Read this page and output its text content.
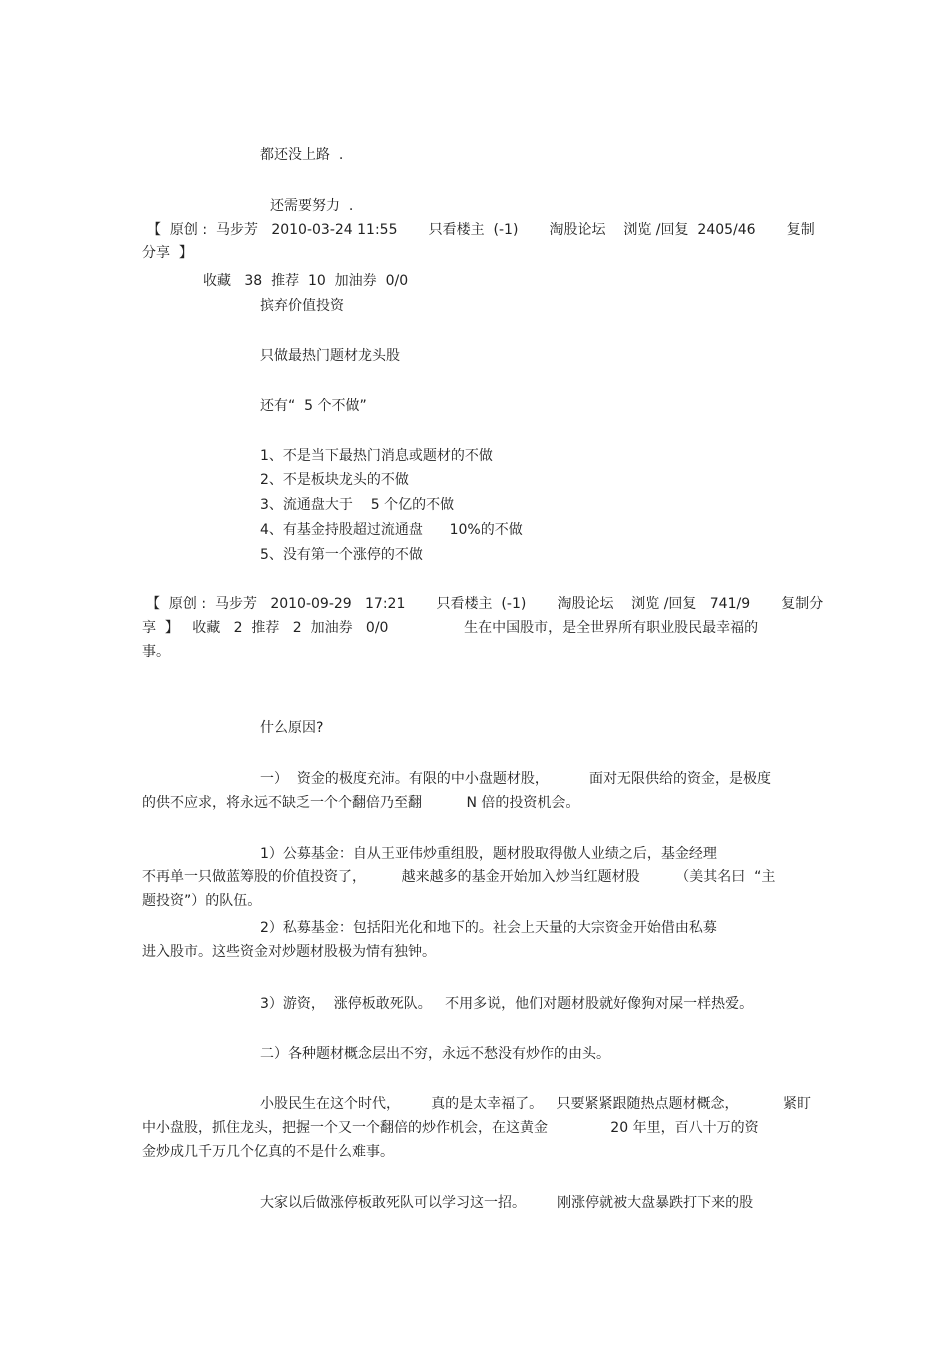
都还没上路  .
还需要努力  .
【  原创 :  马步芳   2010-03-24 11:55       只看楼主  (-1)       淘股论坛    浏览 /回复  2405/46       复制
分享  】
收藏   38  推荐  10  加油券  0/0
摈弃价值投资
只做最热门题材龙头股
还有“  5 个不做”
1、不是当下最热门消息或题材的不做
2、不是板块龙头的不做
3、流通盘大于    5 个亿的不做
4、有基金持股超过流通盘      10%的不做
5、没有第一个涨停的不做
【  原创 :  马步芳   2010-09-29   17:21       只看楼主  (-1)       淘股论坛    浏览 /回复   741/9       复制分
享  】   收藏   2  推荐   2  加油券   0/0                 生在中国股市，是全世界所有职业股民最幸福的
事。
什么原因?
一）  资金的极度充沛。有限的中小盘题材股，         面对无限供给的资金，是极度
的供不应求，将永远不缺乏一个个翻倍乃至翻          N 倍的投资机会。
1）公募基金：自从王亚伟炒重组股，题材股取得傲人业绩之后，基金经理
不再单一只做蓝筹股的价值投资了，        越来越多的基金开始加入炒当红题材股        （美其名曰  “主
题投资”）的队伍。
2）私募基金：包括阳光化和地下的。社会上天量的大宗资金开始借由私募
进入股市。这些资金对炒题材股极为情有独钟。
3）游资，  涨停板敢死队。   不用多说，他们对题材股就好像狗对屎一样热爱。
二）各种题材概念层出不穷，永远不愁没有炒作的由头。
小股民生在这个时代，       真的是太幸福了。   只要紧紧跟随热点题材概念，          紧盯
中小盘股，抓住龙头，把握一个又一个翻倍的炒作机会，在这黄金              20 年里，百八十万的资
金炒成几千万几个亿真的不是什么难事。
大家以后做涨停板敢死队可以学习这一招。       刚涨停就被大盘暴跌打下来的股
